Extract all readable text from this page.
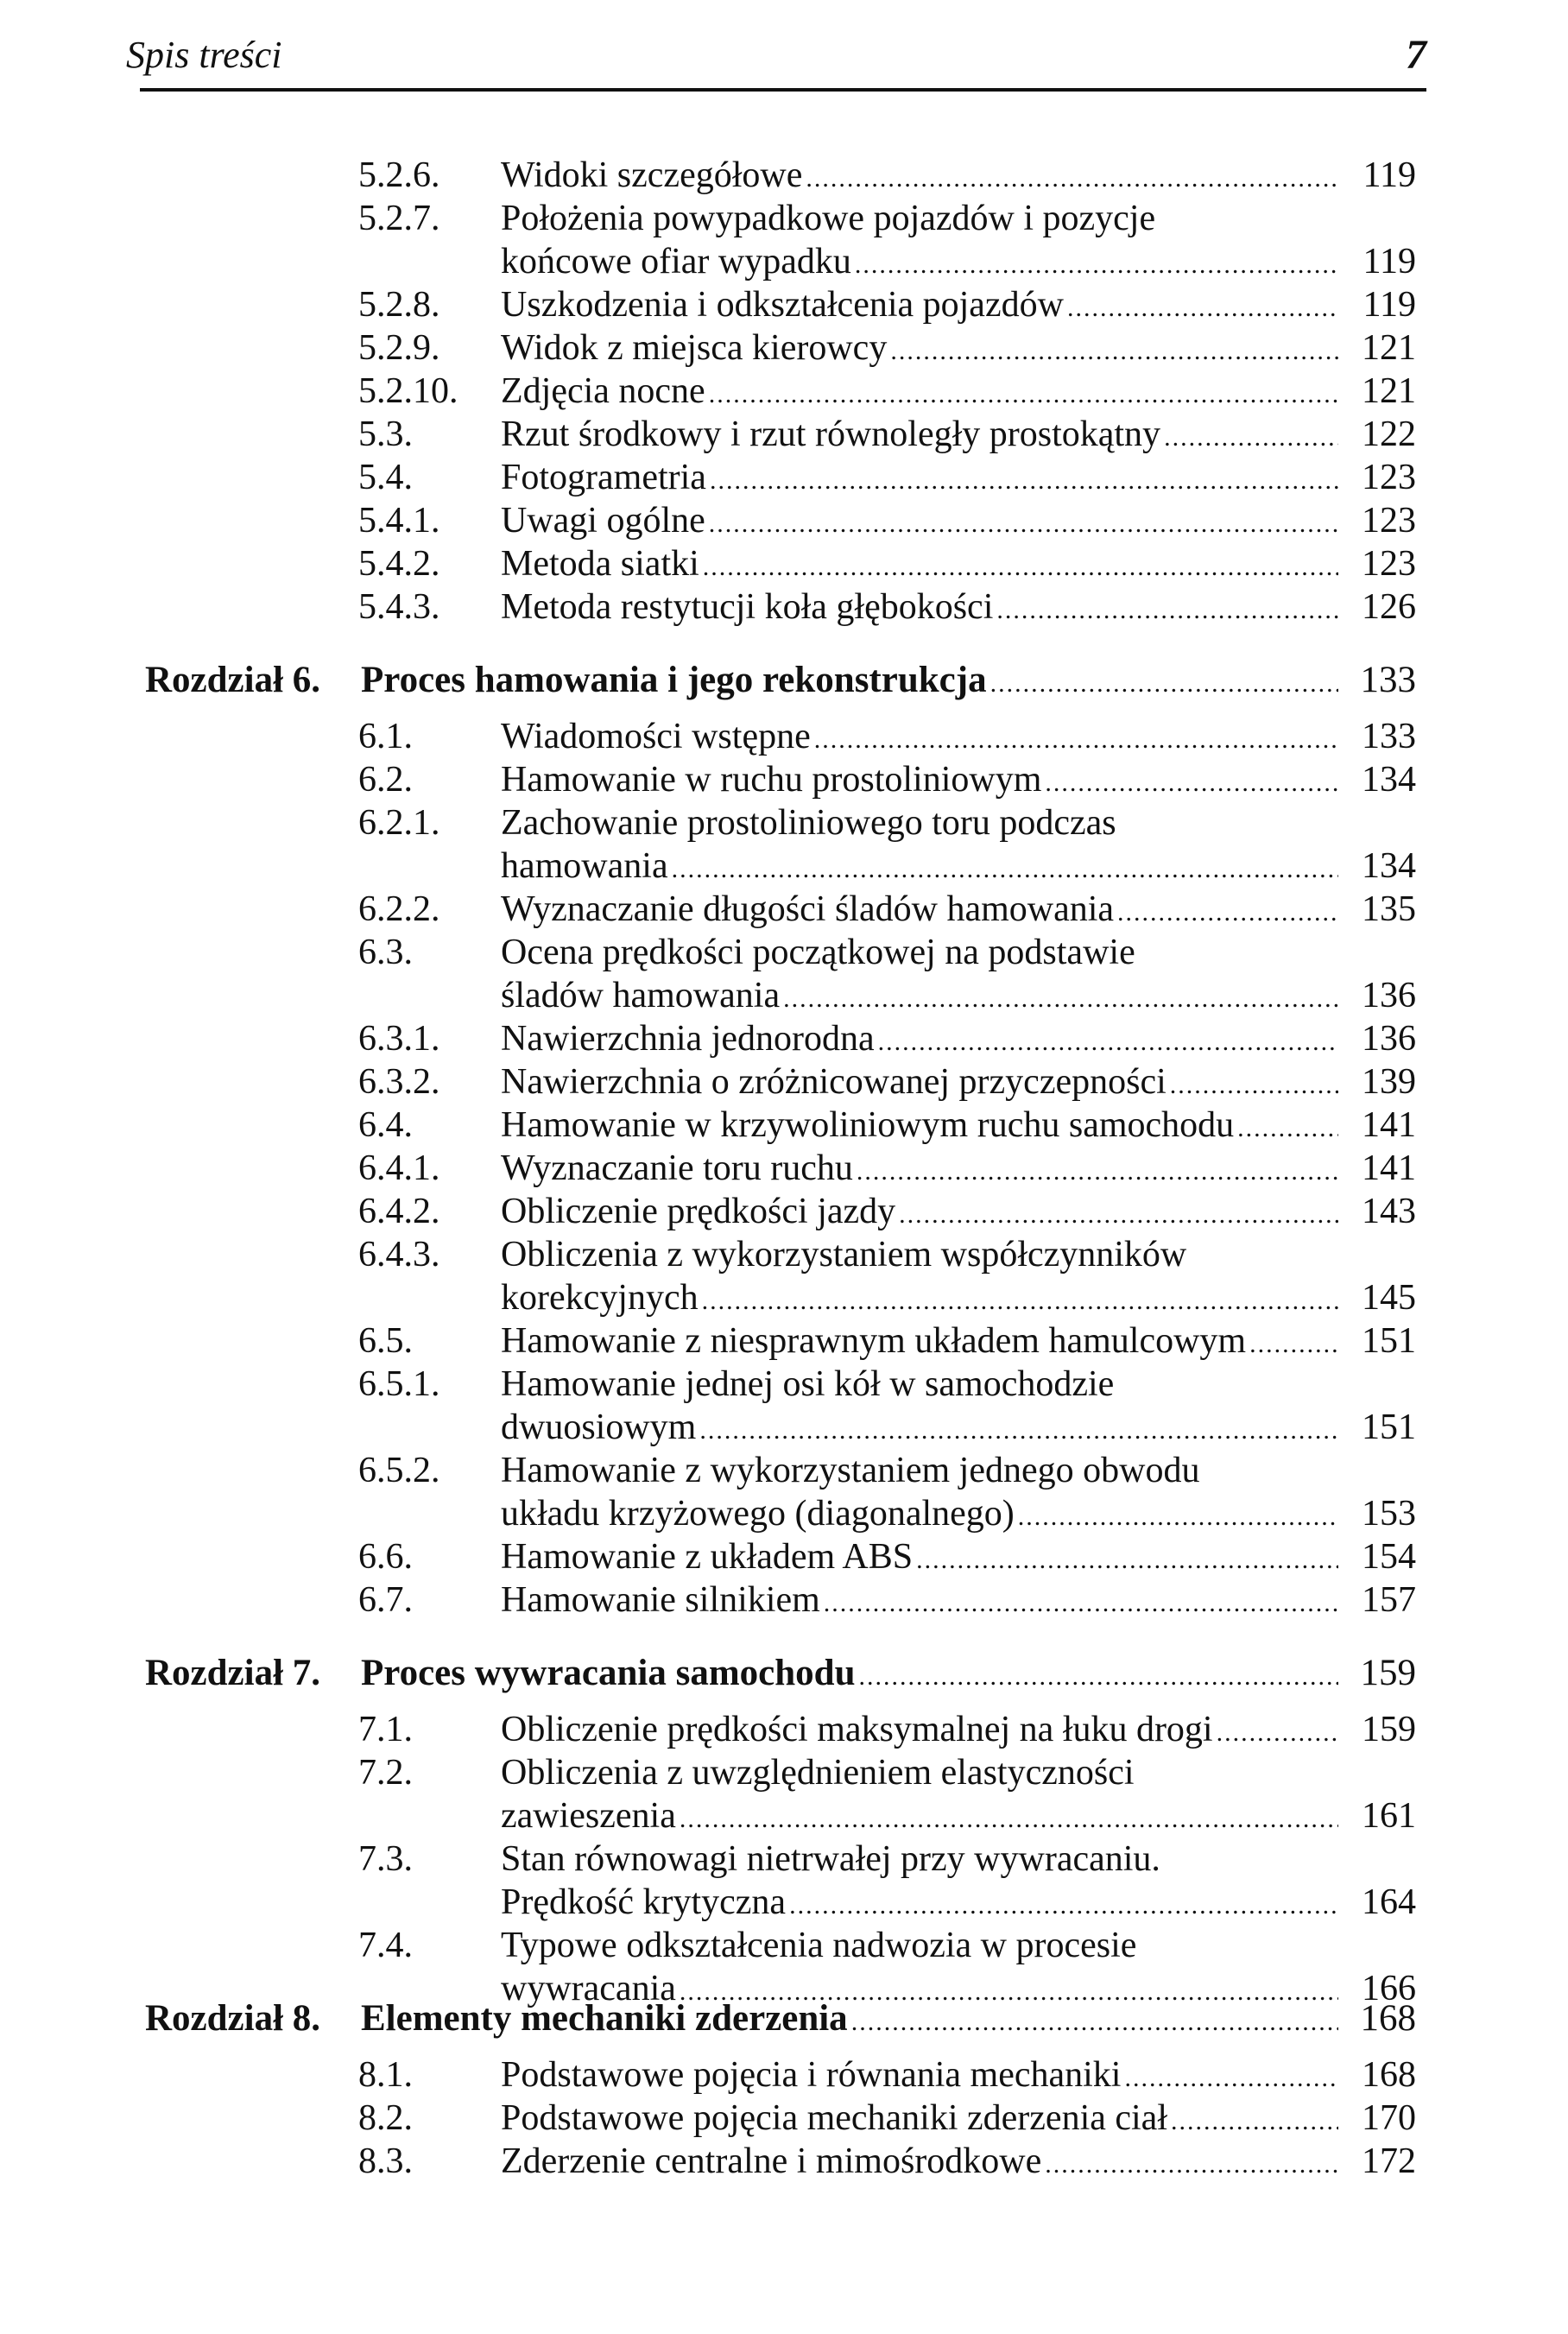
Spis treści	7
5.2.6. Widoki szczegółowe .....	119
5.2.7. Położenia powypadkowe pojazdów i pozycje
końcowe ofiar wypadku .....	119
5.2.8. Uszkodzenia i odkształcenia pojazdów .....	119
5.2.9. Widok z miejsca kierowcy .....	121
5.2.10. Zdjęcia nocne .....	121
5.3. Rzut środkowy i rzut równoległy prostokątny .....	122
5.4. Fotogrametria .....	123
5.4.1. Uwagi ogólne .....	123
5.4.2. Metoda siatki .....	123
5.4.3. Metoda restytucji koła głębokości .....	126
Rozdział 6. Proces hamowania i jego rekonstrukcja .....	133
6.1. Wiadomości wstępne .....	133
6.2. Hamowanie w ruchu prostoliniowym .....	134
6.2.1. Zachowanie prostoliniowego toru podczas
hamowania .....	134
6.2.2. Wyznaczanie długości śladów hamowania .....	135
6.3. Ocena prędkości początkowej na podstawie
śladów hamowania .....	136
6.3.1. Nawierzchnia jednorodna .....	136
6.3.2. Nawierzchnia o zróżnicowanej przyczepności .....	139
6.4. Hamowanie w krzywoliniowym ruchu samochodu .....	141
6.4.1. Wyznaczanie toru ruchu .....	141
6.4.2. Obliczenie prędkości jazdy .....	143
6.4.3. Obliczenia z wykorzystaniem współczynników
korekcyjnych .....	145
6.5. Hamowanie z niesprawnym układem hamulcowym .....	151
6.5.1. Hamowanie jednej osi kół w samochodzie
dwuosiowym .....	151
6.5.2. Hamowanie z wykorzystaniem jednego obwodu
układu krzyżowego (diagonalnego) .....	153
6.6. Hamowanie z układem ABS .....	154
6.7. Hamowanie silnikiem .....	157
Rozdział 7. Proces wywracania samochodu .....	159
7.1. Obliczenie prędkości maksymalnej na łuku drogi .....	159
7.2. Obliczenia z uwzględnieniem elastyczności
zawieszenia .....	161
7.3. Stan równowagi nietrwałej przy wywracaniu.
Prędkość krytyczna .....	164
7.4. Typowe odkształcenia nadwozia w procesie
wywracania .....	166
Rozdział 8. Elementy mechaniki zderzenia .....	168
8.1. Podstawowe pojęcia i równania mechaniki .....	168
8.2. Podstawowe pojęcia mechaniki zderzenia ciał .....	170
8.3. Zderzenie centralne i mimośrodkowe .....	172
